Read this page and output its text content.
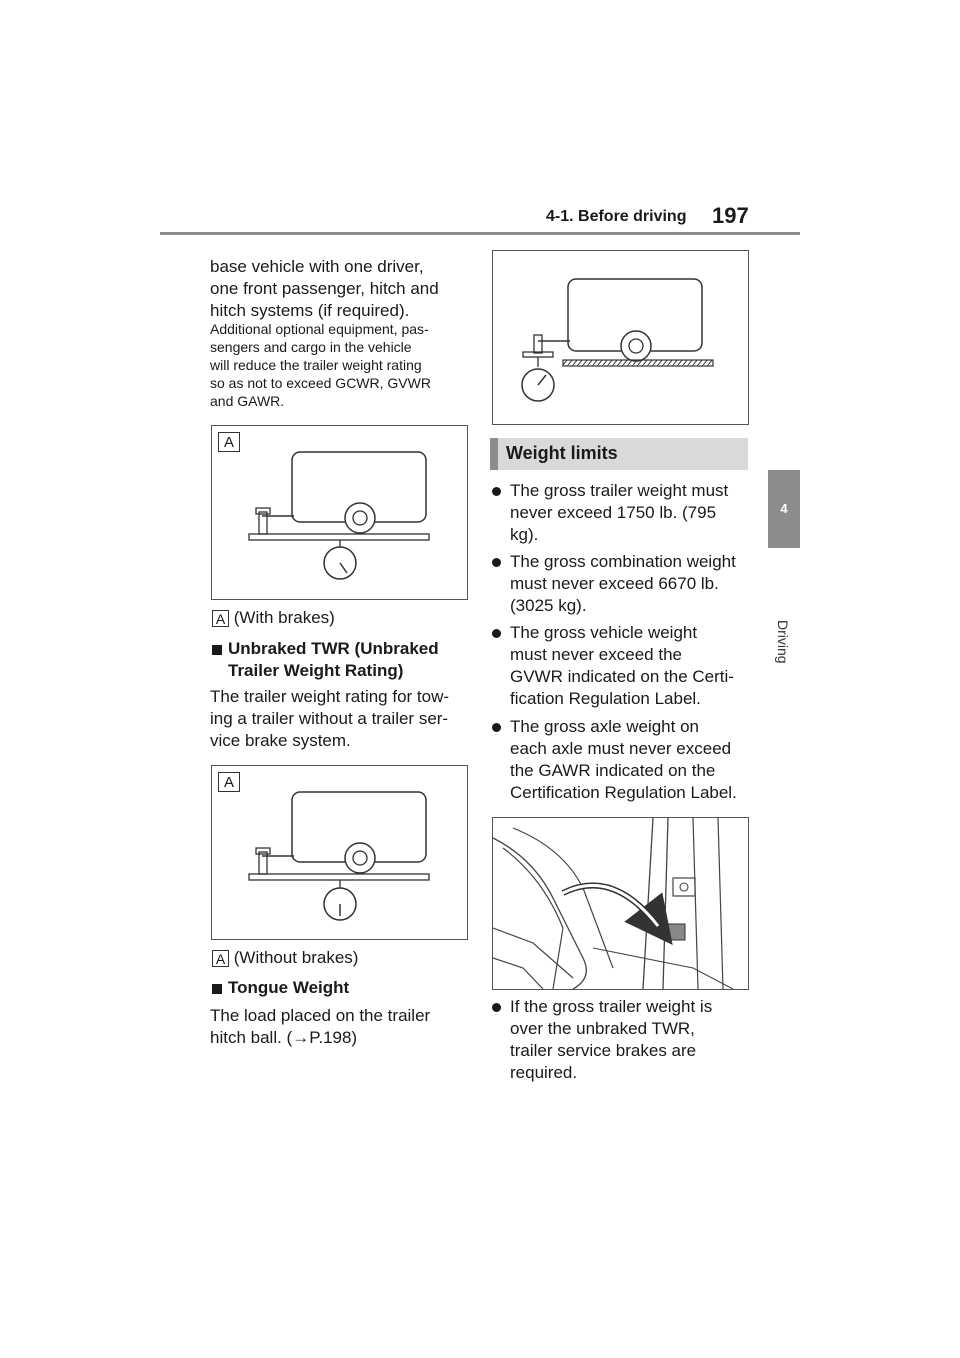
4-1. Before driving 197
4
Driving
base vehicle with one driver,
one front passenger, hitch and
hitch systems (if required).
Additional optional equipment, pas-
sengers and cargo in the vehicle
will reduce the trailer weight rating
so as not to exceed GCWR, GVWR
and GAWR.
A
A (With brakes)
Unbraked TWR (Unbraked
Trailer Weight Rating)
The trailer weight rating for tow-
ing a trailer without a trailer ser-
vice brake system.
A
A (Without brakes)
Tongue Weight
The load placed on the trailer
hitch ball. (→P.198)
Weight limits
The gross trailer weight must
never exceed 1750 lb. (795
kg).
The gross combination weight
must never exceed 6670 lb.
(3025 kg).
The gross vehicle weight
must never exceed the
GVWR indicated on the Certi-
fication Regulation Label.
The gross axle weight on
each axle must never exceed
the GAWR indicated on the
Certification Regulation Label.
If the gross trailer weight is
over the unbraked TWR,
trailer service brakes are
required.
